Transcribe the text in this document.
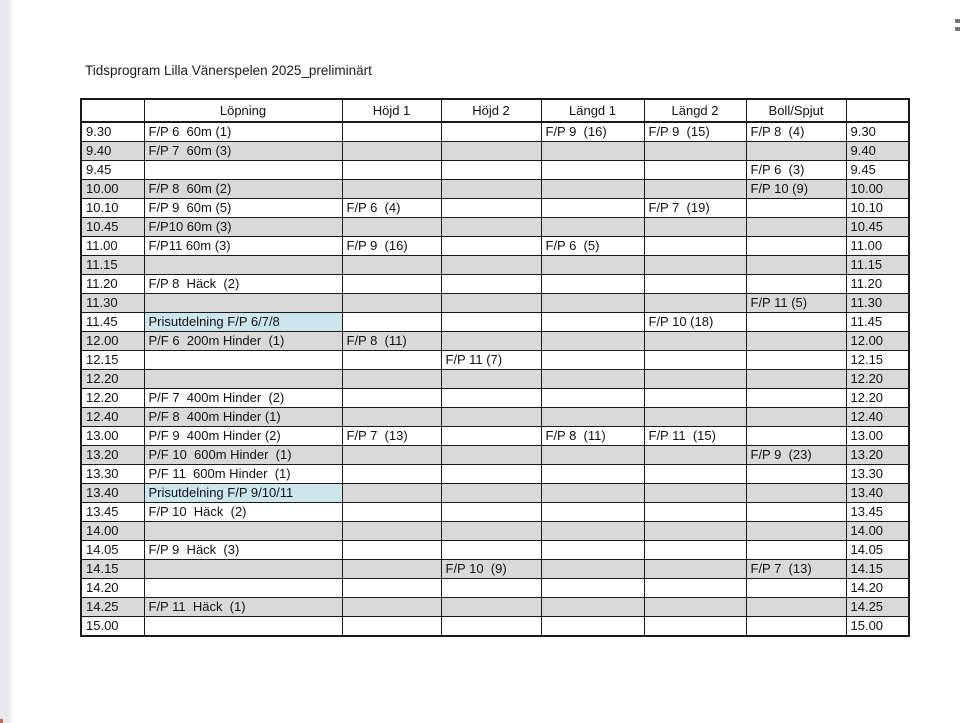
Tidsprogram Lilla Vänerspelen 2025_preliminärt
	Löpning	Höjd 1	Höjd 2	Längd 1	Längd 2	Boll/Spjut	
9.30	F/P 6  60m (1)			F/P 9  (16)	F/P 9  (15)	F/P 8  (4)	9.30
9.40	F/P 7  60m (3)						9.40
9.45						F/P 6  (3)	9.45
10.00	F/P 8  60m (2)					F/P 10 (9)	10.00
10.10	F/P 9  60m (5)	F/P 6  (4)			F/P 7  (19)		10.10
10.45	F/P10 60m (3)						10.45
11.00	F/P11 60m (3)	F/P 9  (16)		F/P 6  (5)			11.00
11.15							11.15
11.20	F/P 8  Häck  (2)						11.20
11.30						F/P 11 (5)	11.30
11.45	Prisutdelning F/P 6/7/8				F/P 10 (18)		11.45
12.00	P/F 6  200m Hinder  (1)	F/P 8  (11)					12.00
12.15			F/P 11 (7)				12.15
12.20							12.20
12.20	P/F 7  400m Hinder  (2)						12.20
12.40	P/F 8  400m Hinder (1)						12.40
13.00	P/F 9  400m Hinder (2)	F/P 7  (13)		F/P 8  (11)	F/P 11  (15)		13.00
13.20	P/F 10  600m Hinder  (1)					F/P 9  (23)	13.20
13.30	P/F 11  600m Hinder  (1)						13.30
13.40	Prisutdelning F/P 9/10/11						13.40
13.45	F/P 10  Häck  (2)						13.45
14.00							14.00
14.05	F/P 9  Häck  (3)						14.05
14.15			F/P 10  (9)			F/P 7  (13)	14.15
14.20							14.20
14.25	F/P 11  Häck  (1)						14.25
15.00							15.00
